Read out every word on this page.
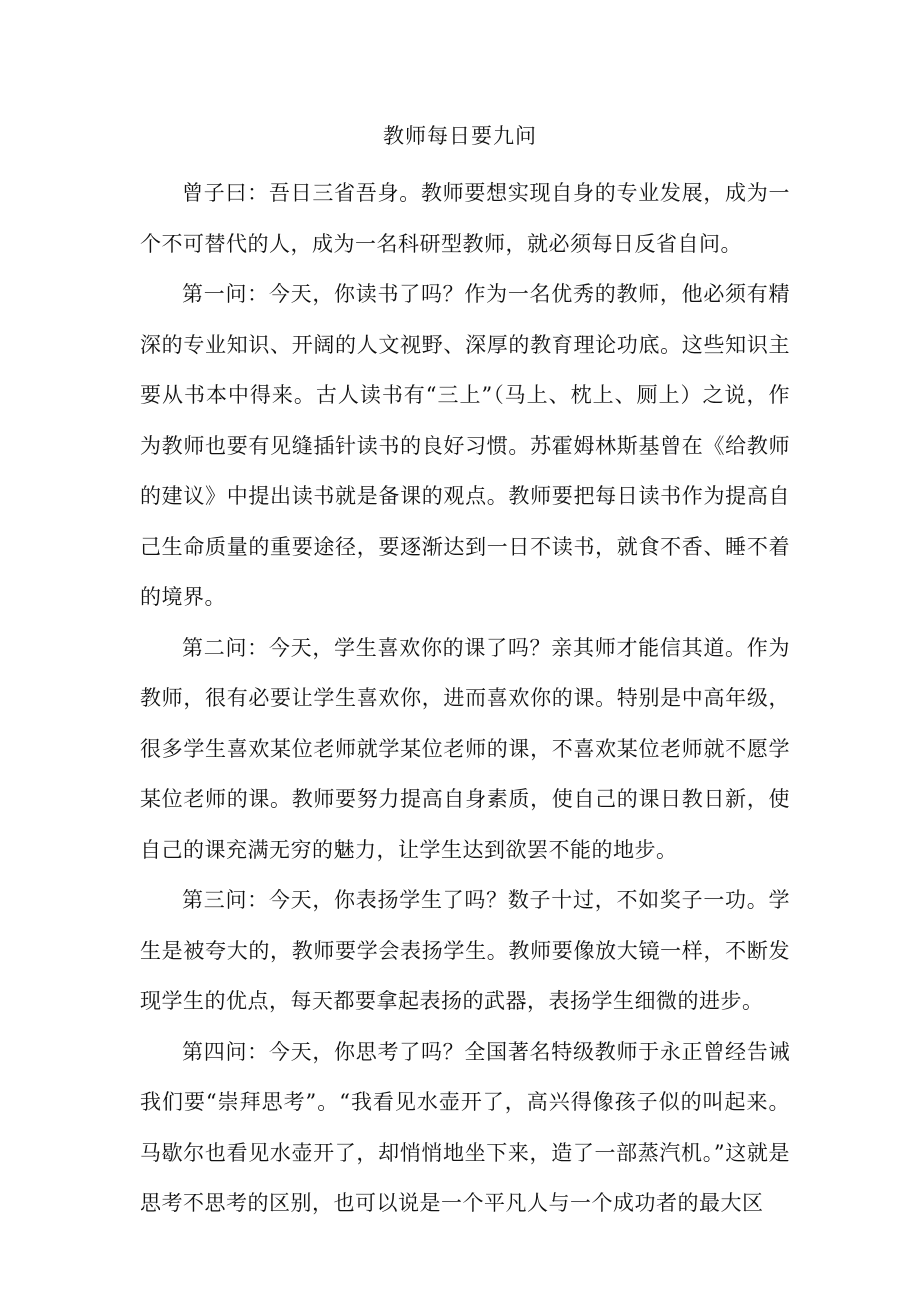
教师每日要九问

曾子曰：吾日三省吾身。教师要想实现自身的专业发展，成为一个不可替代的人，成为一名科研型教师，就必须每日反省自问。

第一问：今天，你读书了吗？作为一名优秀的教师，他必须有精深的专业知识、开阔的人文视野、深厚的教育理论功底。这些知识主要从书本中得来。古人读书有“三上”（马上、枕上、厕上）之说，作为教师也要有见缝插针读书的良好习惯。苏霍姆林斯基曾在《给教师的建议》中提出读书就是备课的观点。教师要把每日读书作为提高自己生命质量的重要途径，要逐渐达到一日不读书，就食不香、睡不着的境界。

第二问：今天，学生喜欢你的课了吗？亲其师才能信其道。作为教师，很有必要让学生喜欢你，进而喜欢你的课。特别是中高年级，很多学生喜欢某位老师就学某位老师的课，不喜欢某位老师就不愿学某位老师的课。教师要努力提高自身素质，使自己的课日教日新，使自己的课充满无穷的魅力，让学生达到欲罢不能的地步。

第三问：今天，你表扬学生了吗？数子十过，不如奖子一功。学生是被夸大的，教师要学会表扬学生。教师要像放大镜一样，不断发现学生的优点，每天都要拿起表扬的武器，表扬学生细微的进步。

第四问：今天，你思考了吗？全国著名特级教师于永正曾经告诫我们要“崇拜思考”。“我看见水壶开了，高兴得像孩子似的叫起来。马歇尔也看见水壶开了，却悄悄地坐下来，造了一部蒸汽机。”这就是思考不思考的区别，也可以说是一个平凡人与一个成功者的最大区
